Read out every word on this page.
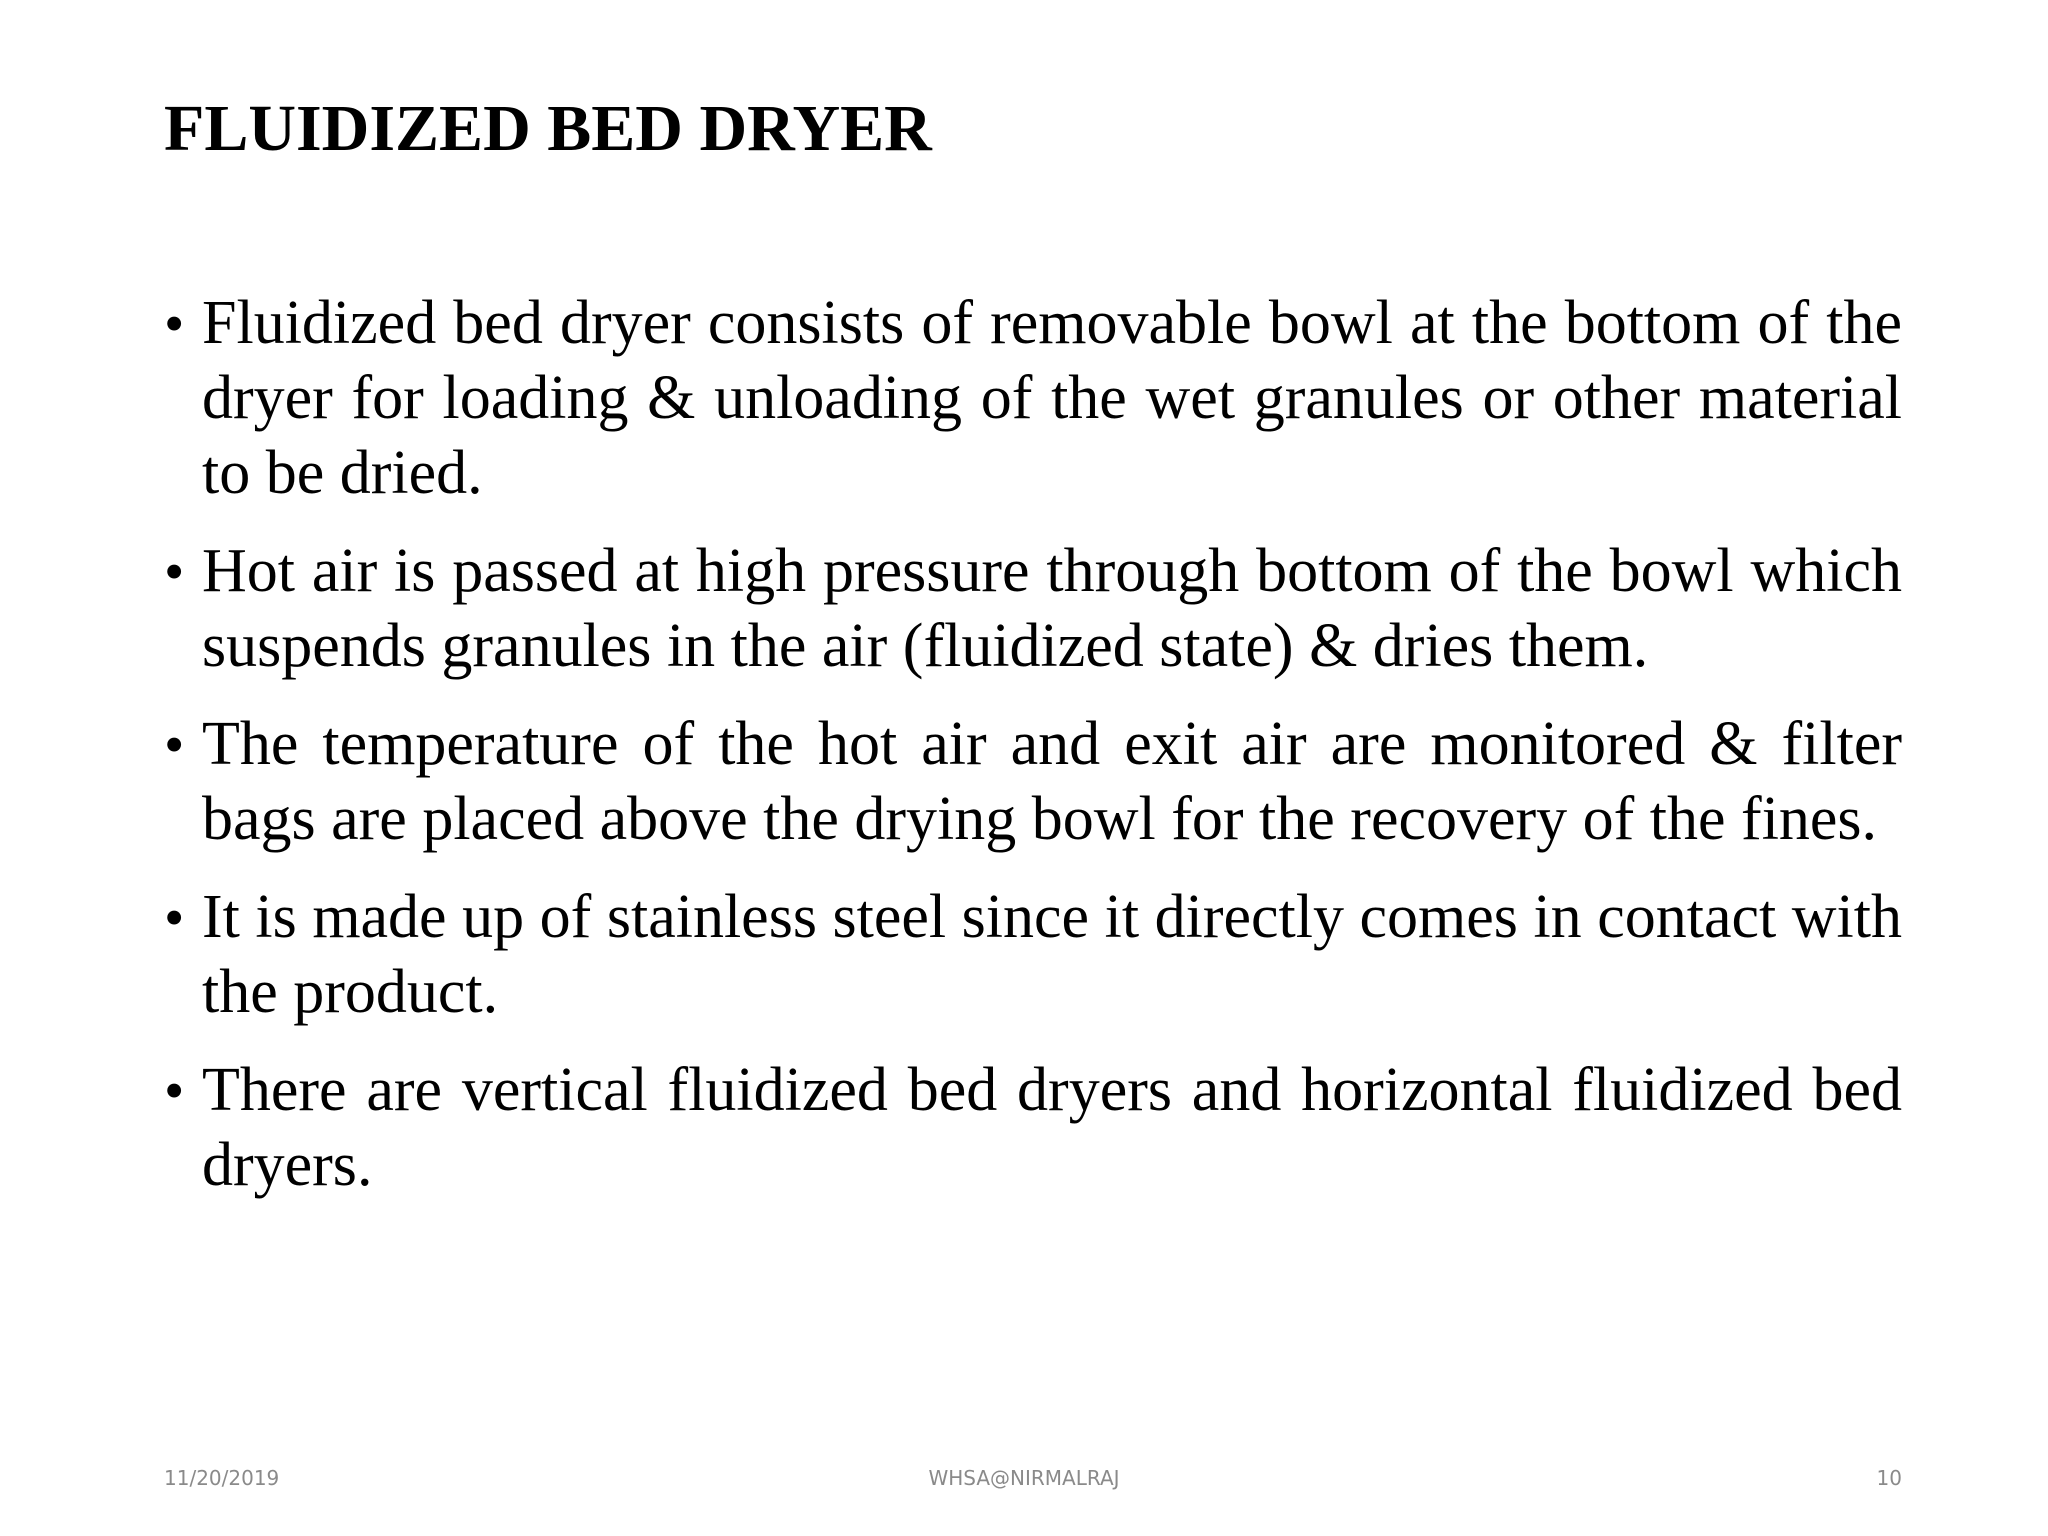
FLUIDIZED BED DRYER
• Fluidized bed dryer consists of removable bowl at the bottom of the dryer for loading & unloading of the wet granules or other material to be dried.
• Hot air is passed at high pressure through bottom of the bowl which suspends granules in the air (fluidized state) & dries them.
• The temperature of the hot air and exit air are monitored & filter bags are placed above the drying bowl for the recovery of the fines.
• It is made up of stainless steel since it directly comes in contact with the product.
• There are vertical fluidized bed dryers and horizontal fluidized bed dryers.
11/20/2019	WHSA@NIRMALRAJ	10
